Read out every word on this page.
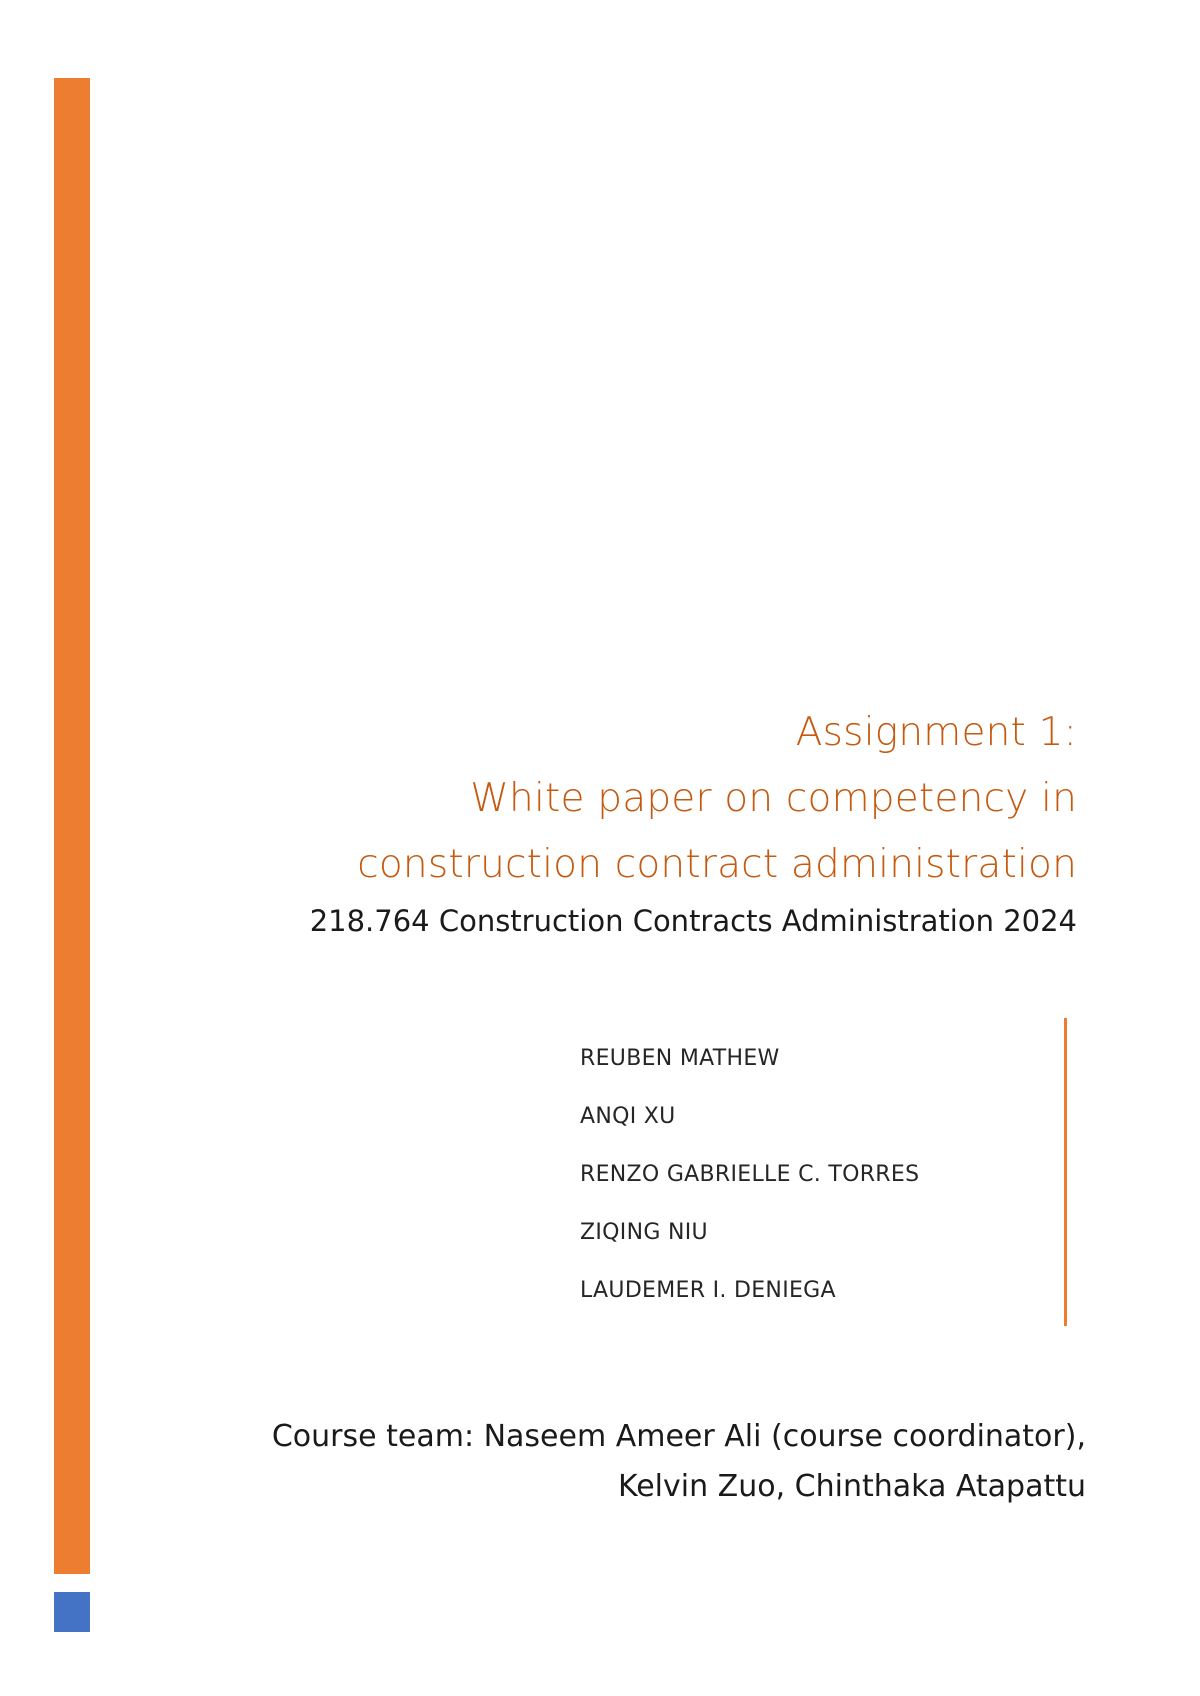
Assignment 1:
White paper on competency in
construction contract administration
218.764 Construction Contracts Administration 2024
REUBEN MATHEW
ANQI XU
RENZO GABRIELLE C. TORRES
ZIQING NIU
LAUDEMER I. DENIEGA
Course team: Naseem Ameer Ali (course coordinator),
Kelvin Zuo, Chinthaka Atapattu
